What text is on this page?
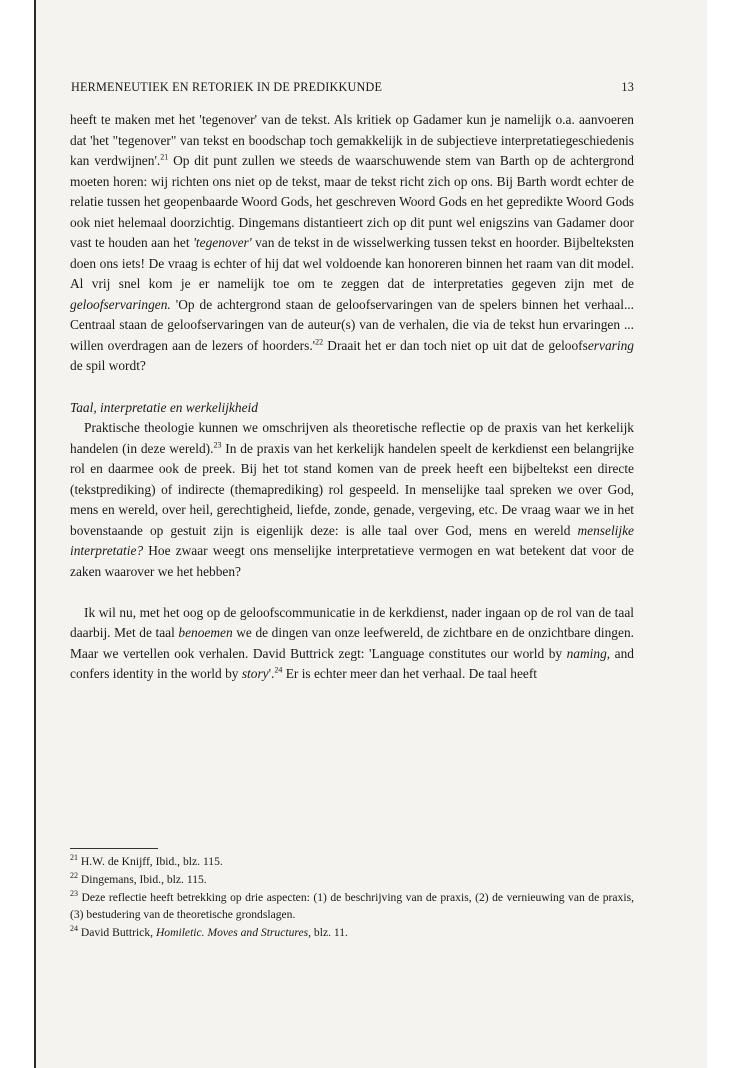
HERMENEUTIEK EN RETORIEK IN DE PREDIKKUNDE	13

heeft te maken met het 'tegenover' van de tekst. Als kritiek op Gadamer kun je namelijk o.a. aanvoeren dat 'het "tegenover" van tekst en boodschap toch gemakkelijk in de subjectieve interpretatiegeschiedenis kan verdwijnen'.$^{21}$ Op dit punt zullen we steeds de waarschuwende stem van Barth op de achtergrond moeten horen: wij richten ons niet op de tekst, maar de tekst richt zich op ons. Bij Barth wordt echter de relatie tussen het geopenbaarde Woord Gods, het geschreven Woord Gods en het gepredikte Woord Gods ook niet helemaal doorzichtig. Dingemans distantieert zich op dit punt wel enigszins van Gadamer door vast te houden aan het 'tegenover' van de tekst in de wisselwerking tussen tekst en hoorder. Bijbelteksten doen ons iets! De vraag is echter of hij dat wel voldoende kan honoreren binnen het raam van dit model. Al vrij snel kom je er namelijk toe om te zeggen dat de interpretaties gegeven zijn met de geloofservaringen. 'Op de achtergrond staan de geloofservaringen van de spelers binnen het verhaal... Centraal staan de geloofservaringen van de auteur(s) van de verhalen, die via de tekst hun ervaringen ... willen overdragen aan de lezers of $hoorders.'^{22}$ Draait het er dan toch niet op uit dat de geloofservaring de spil wordt?

Taal, interpretatie en werkelijkheid

Praktische theologie kunnen we omschrijven als theoretische reflectie op de praxis van het kerkelijk handelen (in deze wereld).$^{23}$ In de praxis van het kerkelijk handelen speelt de kerkdienst een belangrijke rol en daarmee ook de preek. Bij het tot stand komen van de preek heeft een bijbeltekst een directe (tekstprediking) of indirecte (themaprediking) rol gespeeld. In menselijke taal spreken we over God, mens en wereld, over heil, gerechtigheid, liefde, zonde, genade, vergeving, etc. De vraag waar we in het bovenstaande op gestuit zijn is eigenlijk deze: is alle taal over God, mens en wereld menselijke interpretatie? Hoe zwaar weegt ons menselijke interpretatieve vermogen en wat betekent dat voor de zaken waarover we het hebben?

Ik wil nu, met het oog op de geloofscommunicatie in de kerkdienst, nader ingaan op de rol van de taal daarbij. Met de taal benoemen we de dingen van onze leefwereld, de zichtbare en de onzichtbare dingen. Maar we vertellen ook verhalen. David Buttrick zegt: 'Language constitutes our world by naming, and confers identity in the world by story'.$^{24}$ Er is echter meer dan het verhaal. De taal heeft

$^{21}$ H.W. de Knijff, Ibid., blz. 115.

$^{22}$ Dingemans, Ibid., blz. 115.

$^{23}$ Deze reflectie heeft betrekking op drie aspecten: (1) de beschrijving van de praxis, (2) de vernieuwing van de praxis, (3) bestudering van de theoretische grondslagen.

$^{24}$ David Buttrick, Homiletic. Moves and Structures, blz. 11.
